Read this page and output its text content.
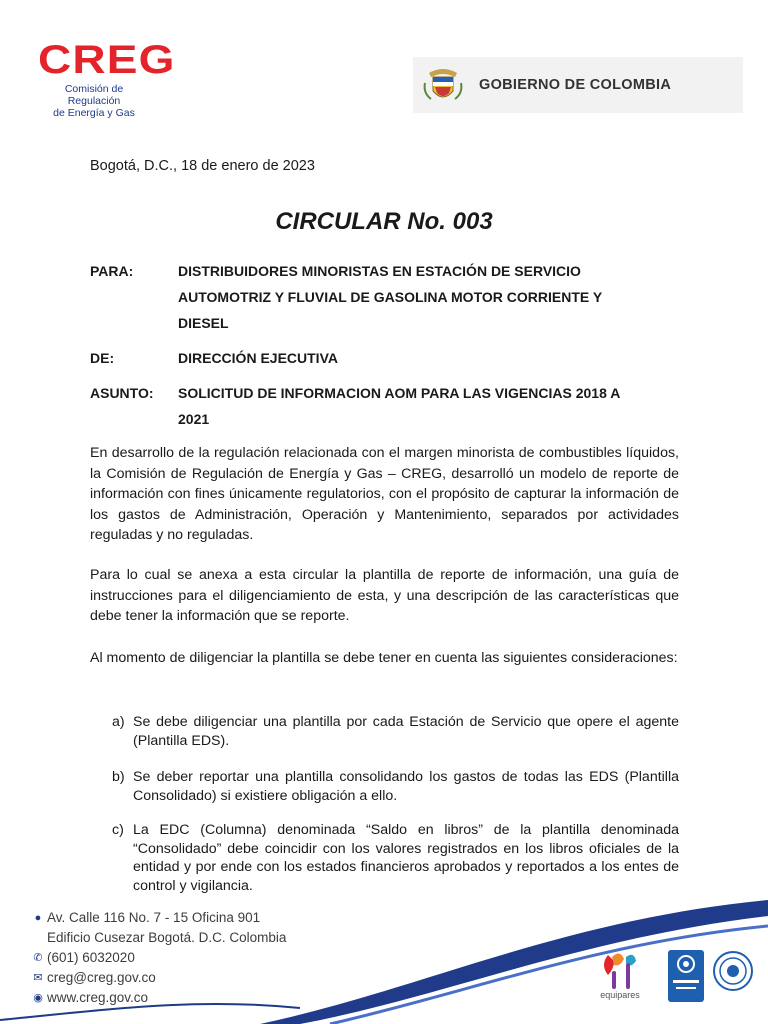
CREG
Comisión de Regulación
de Energía y Gas
GOBIERNO DE COLOMBIA
Bogotá, D.C., 18 de enero de 2023
CIRCULAR No. 003
PARA:	DISTRIBUIDORES MINORISTAS EN ESTACIÓN DE SERVICIO
AUTOMOTRIZ Y FLUVIAL DE GASOLINA MOTOR CORRIENTE Y
DIESEL
DE:	DIRECCIÓN EJECUTIVA
ASUNTO:	SOLICITUD DE INFORMACION AOM PARA LAS VIGENCIAS 2018 A
2021
En desarrollo de la regulación relacionada con el margen minorista de combustibles líquidos, la Comisión de Regulación de Energía y Gas – CREG, desarrolló un modelo de reporte de información con fines únicamente regulatorios, con el propósito de capturar la información de los gastos de Administración, Operación y Mantenimiento, separados por actividades reguladas y no reguladas.
Para lo cual se anexa a esta circular la plantilla de reporte de información, una guía de instrucciones para el diligenciamiento de esta, y una descripción de las características que debe tener la información que se reporte.
Al momento de diligenciar la plantilla se debe tener en cuenta las siguientes consideraciones:
a) Se debe diligenciar una plantilla por cada Estación de Servicio que opere el agente (Plantilla EDS).
b) Se deber reportar una plantilla consolidando los gastos de todas las EDS (Plantilla Consolidado) si existiere obligación a ello.
c) La EDC (Columna) denominada “Saldo en libros” de la plantilla denominada “Consolidado” debe coincidir con los valores registrados en los libros oficiales de la entidad y por ende con los estados financieros aprobados y reportados a los entes de control y vigilancia.
● Av. Calle 116 No. 7 - 15 Oficina 901
Edificio Cusezar Bogotá. D.C. Colombia
✆ (601) 6032020
✉ creg@creg.gov.co
◉ www.creg.gov.co	equipares
